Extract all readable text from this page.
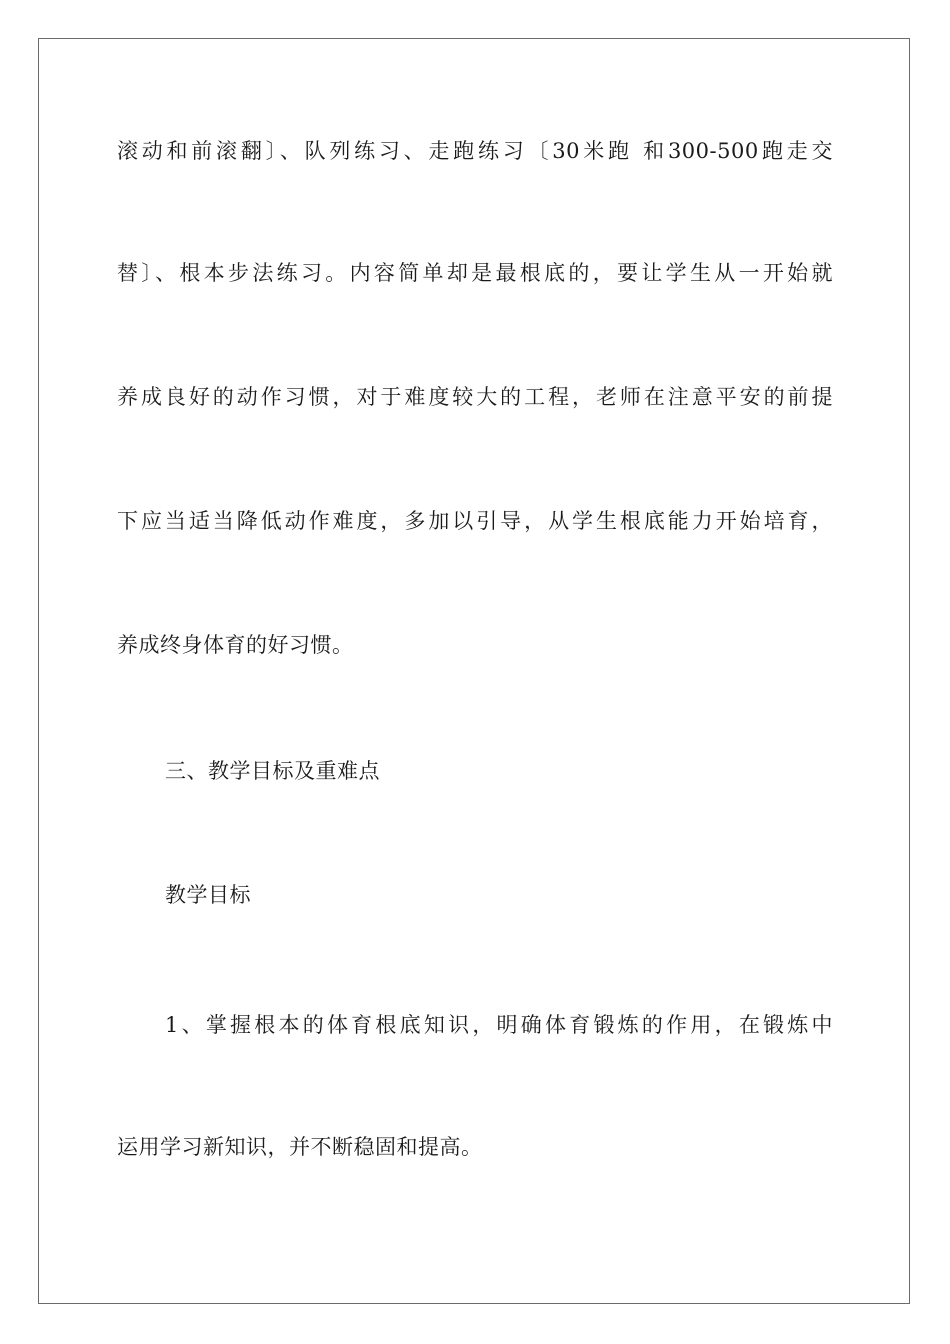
滚动和前滚翻〕、队列练习、走跑练习〔30米跑 和300-500跑走交
替〕、根本步法练习。内容简单却是最根底的，要让学生从一开始就
养成良好的动作习惯，对于难度较大的工程，老师在注意平安的前提
下应当适当降低动作难度，多加以引导，从学生根底能力开始培育，
养成终身体育的好习惯。
三、教学目标及重难点
教学目标
1、掌握根本的体育根底知识，明确体育锻炼的作用，在锻炼中
运用学习新知识，并不断稳固和提高。
